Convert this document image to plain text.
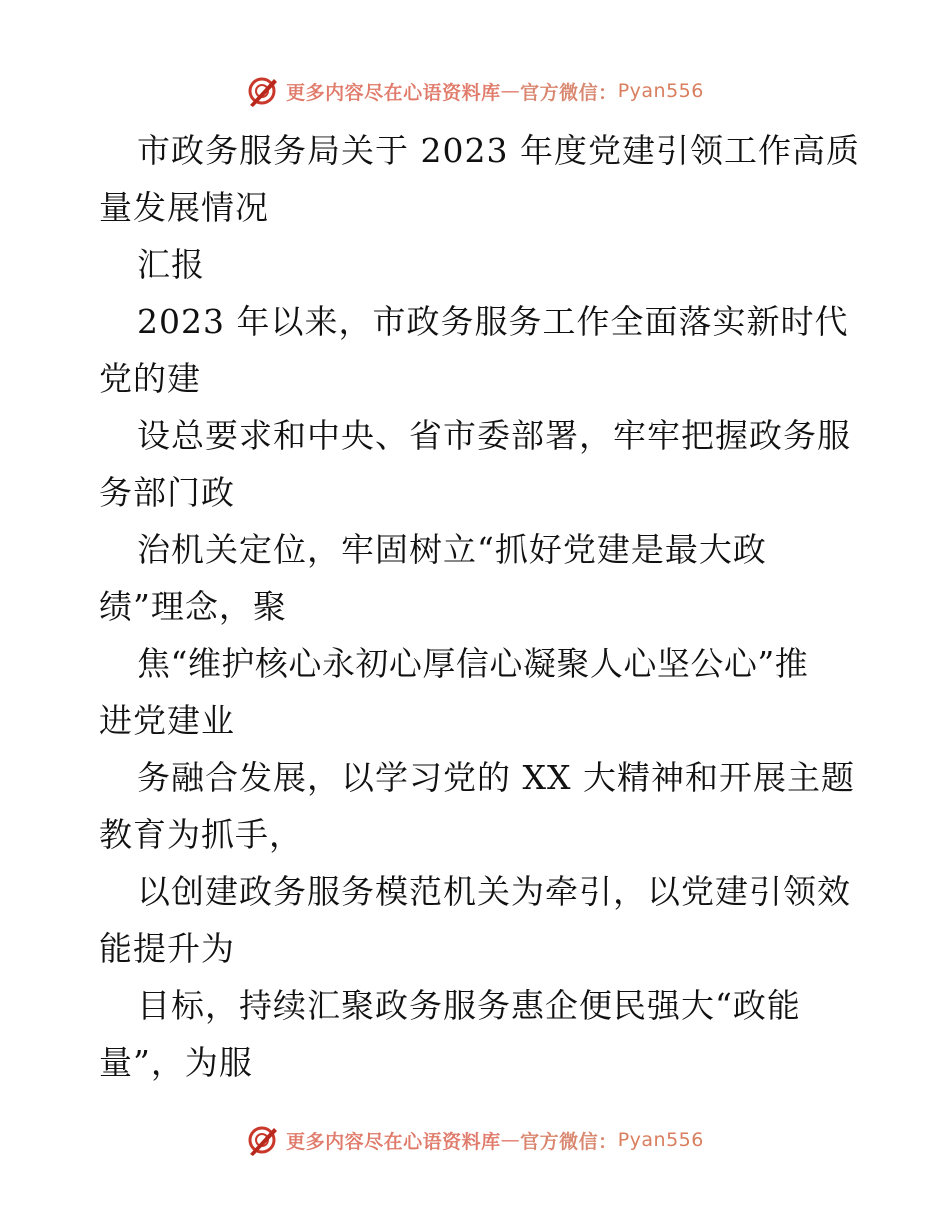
更多内容尽在心语资料库 — 官方微信： Pyan556
市政务服务局关于 2023 年度党建引领工作高质
量发展情况
汇报
2023 年以来，市政务服务工作全面落实新时代
党的建
设总要求和中央、省市委部署，牢牢把握政务服
务部门政
治机关定位，牢固树立“抓好党建是最大政
绩”理念，聚
焦“维护核心永初心厚信心凝聚人心坚公心”推
进党建业
务融合发展，以学习党的 XX 大精神和开展主题
教育为抓手，
以创建政务服务模范机关为牵引，以党建引领效
能提升为
目标，持续汇聚政务服务惠企便民强大“政能
量”，为服
更多内容尽在心语资料库 — 官方微信： Pyan556
